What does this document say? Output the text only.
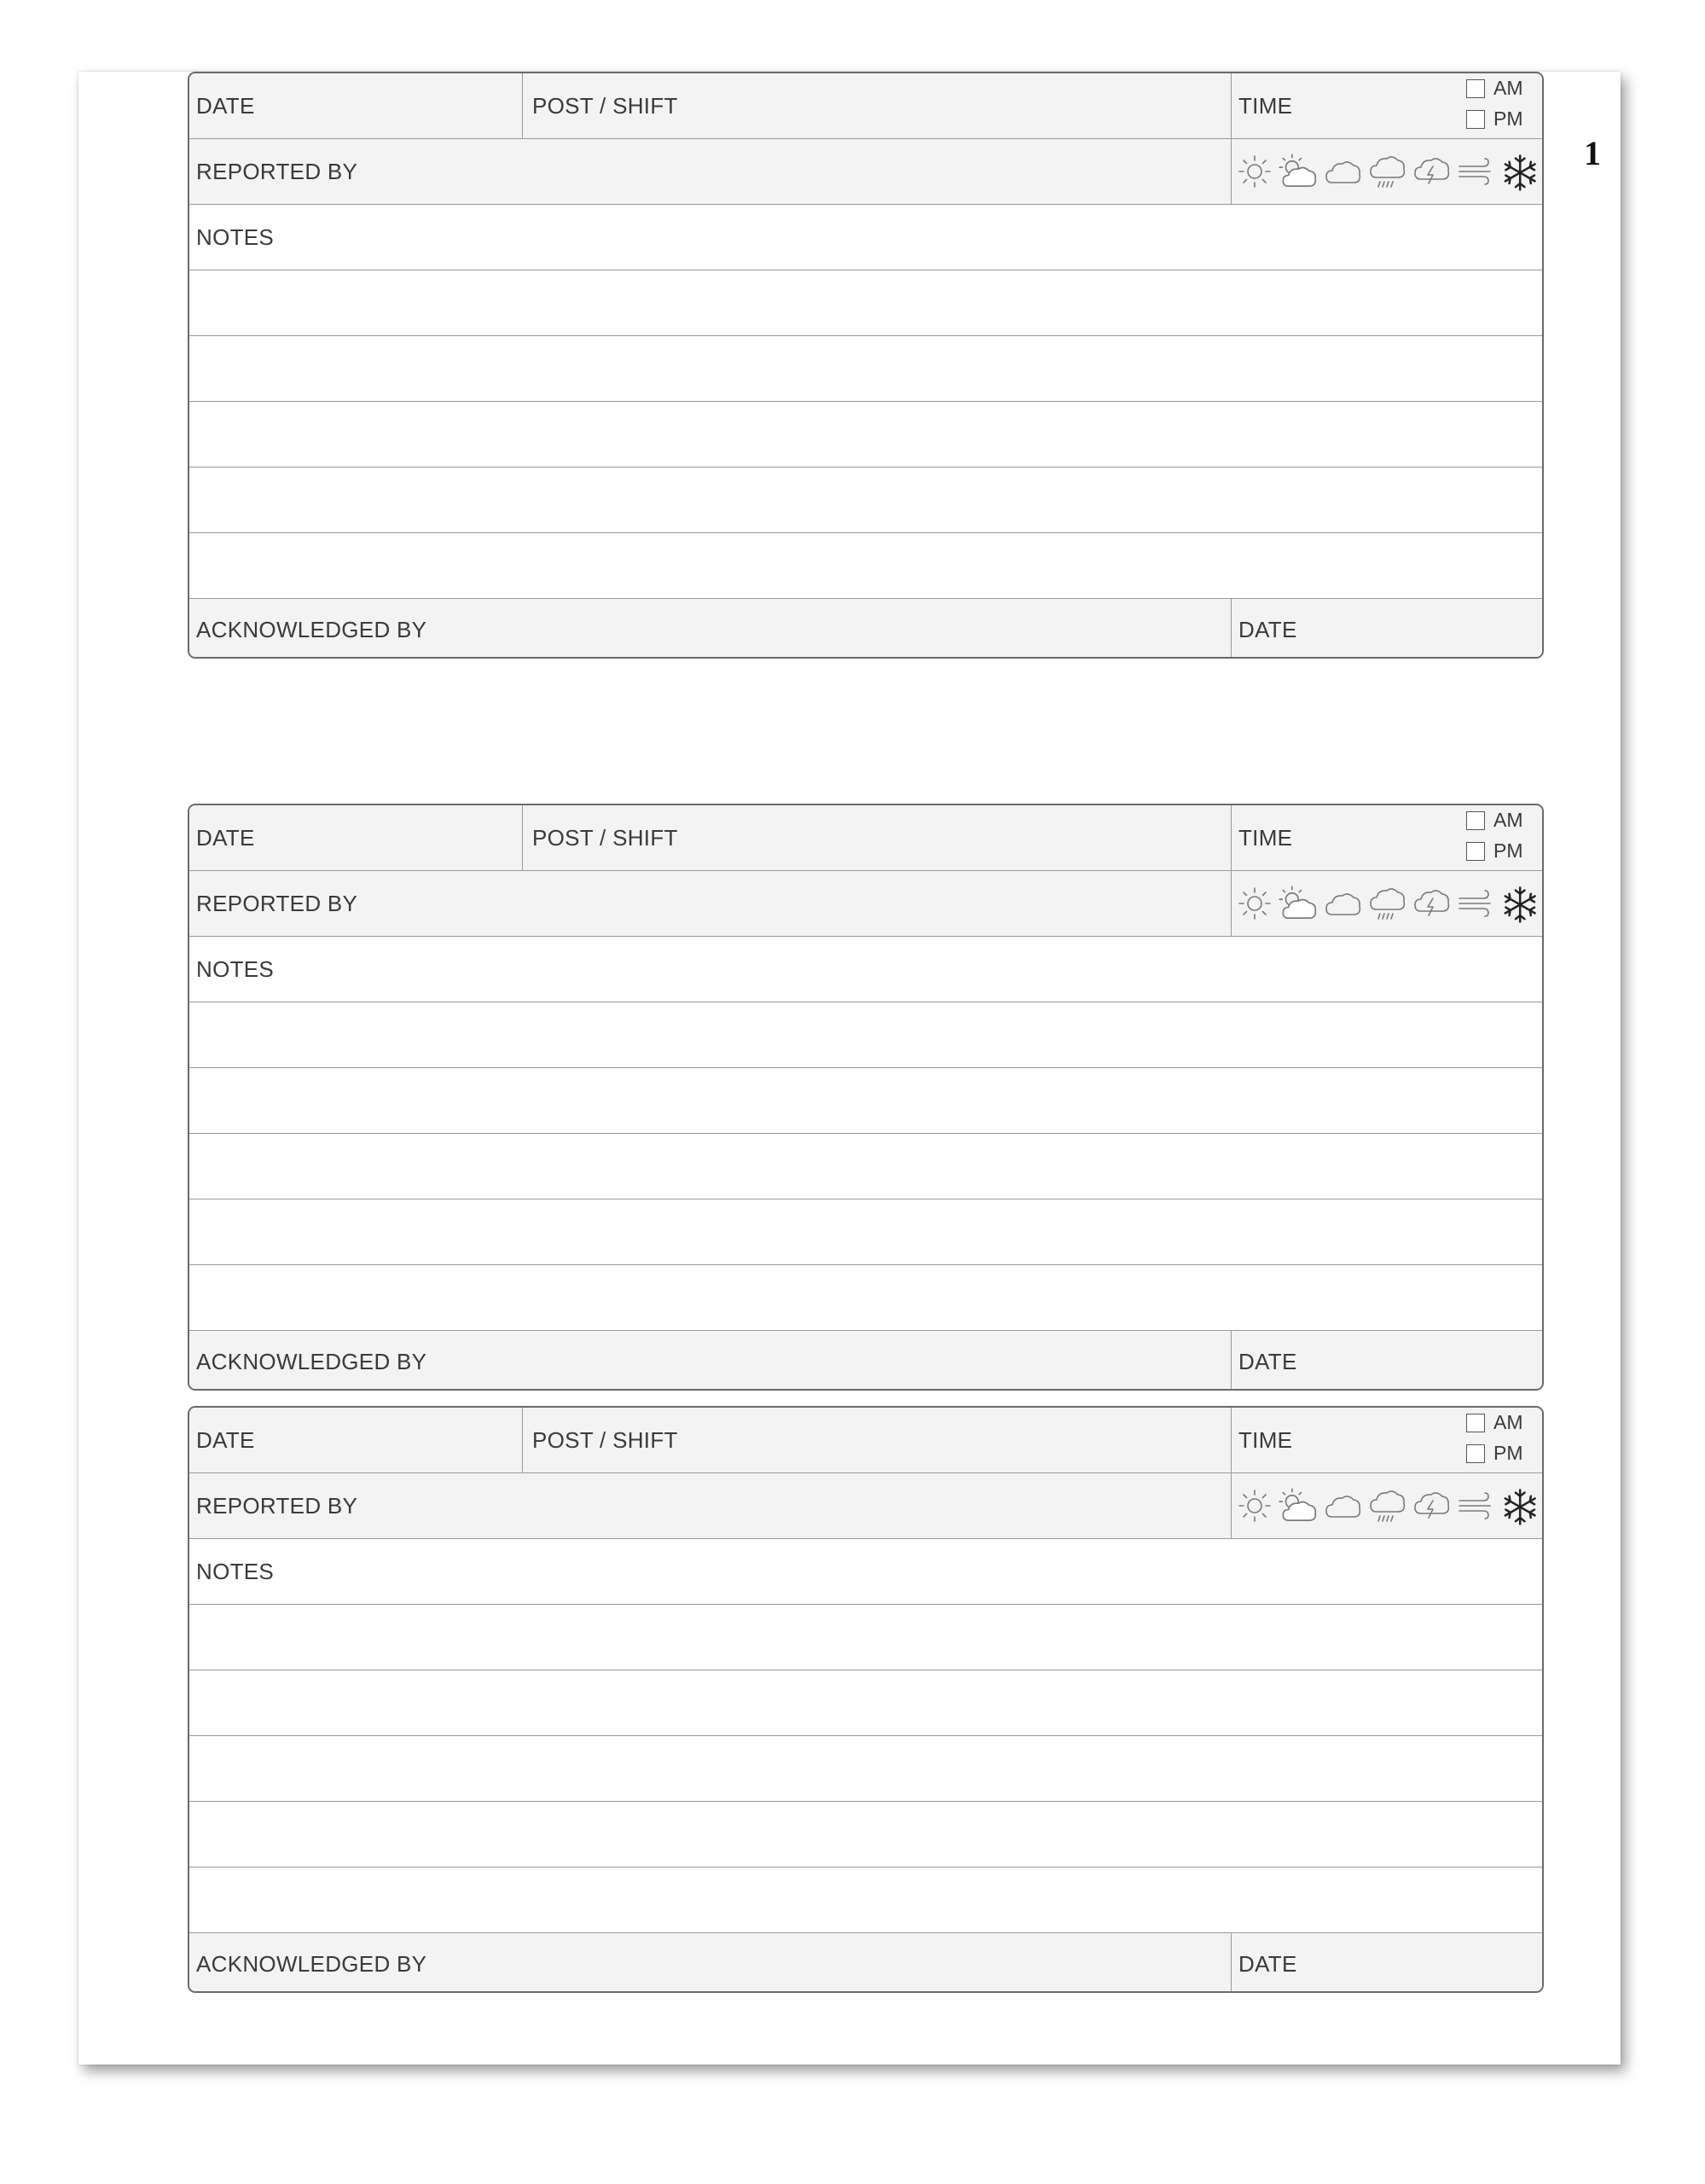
1
DATE	POST / SHIFT	TIME
AM
PM
REPORTED BY
NOTES
ACKNOWLEDGED BY	DATE
DATE	POST / SHIFT	TIME
AM
PM
REPORTED BY
NOTES
ACKNOWLEDGED BY	DATE
DATE	POST / SHIFT	TIME
AM
PM
REPORTED BY
NOTES
ACKNOWLEDGED BY	DATE
